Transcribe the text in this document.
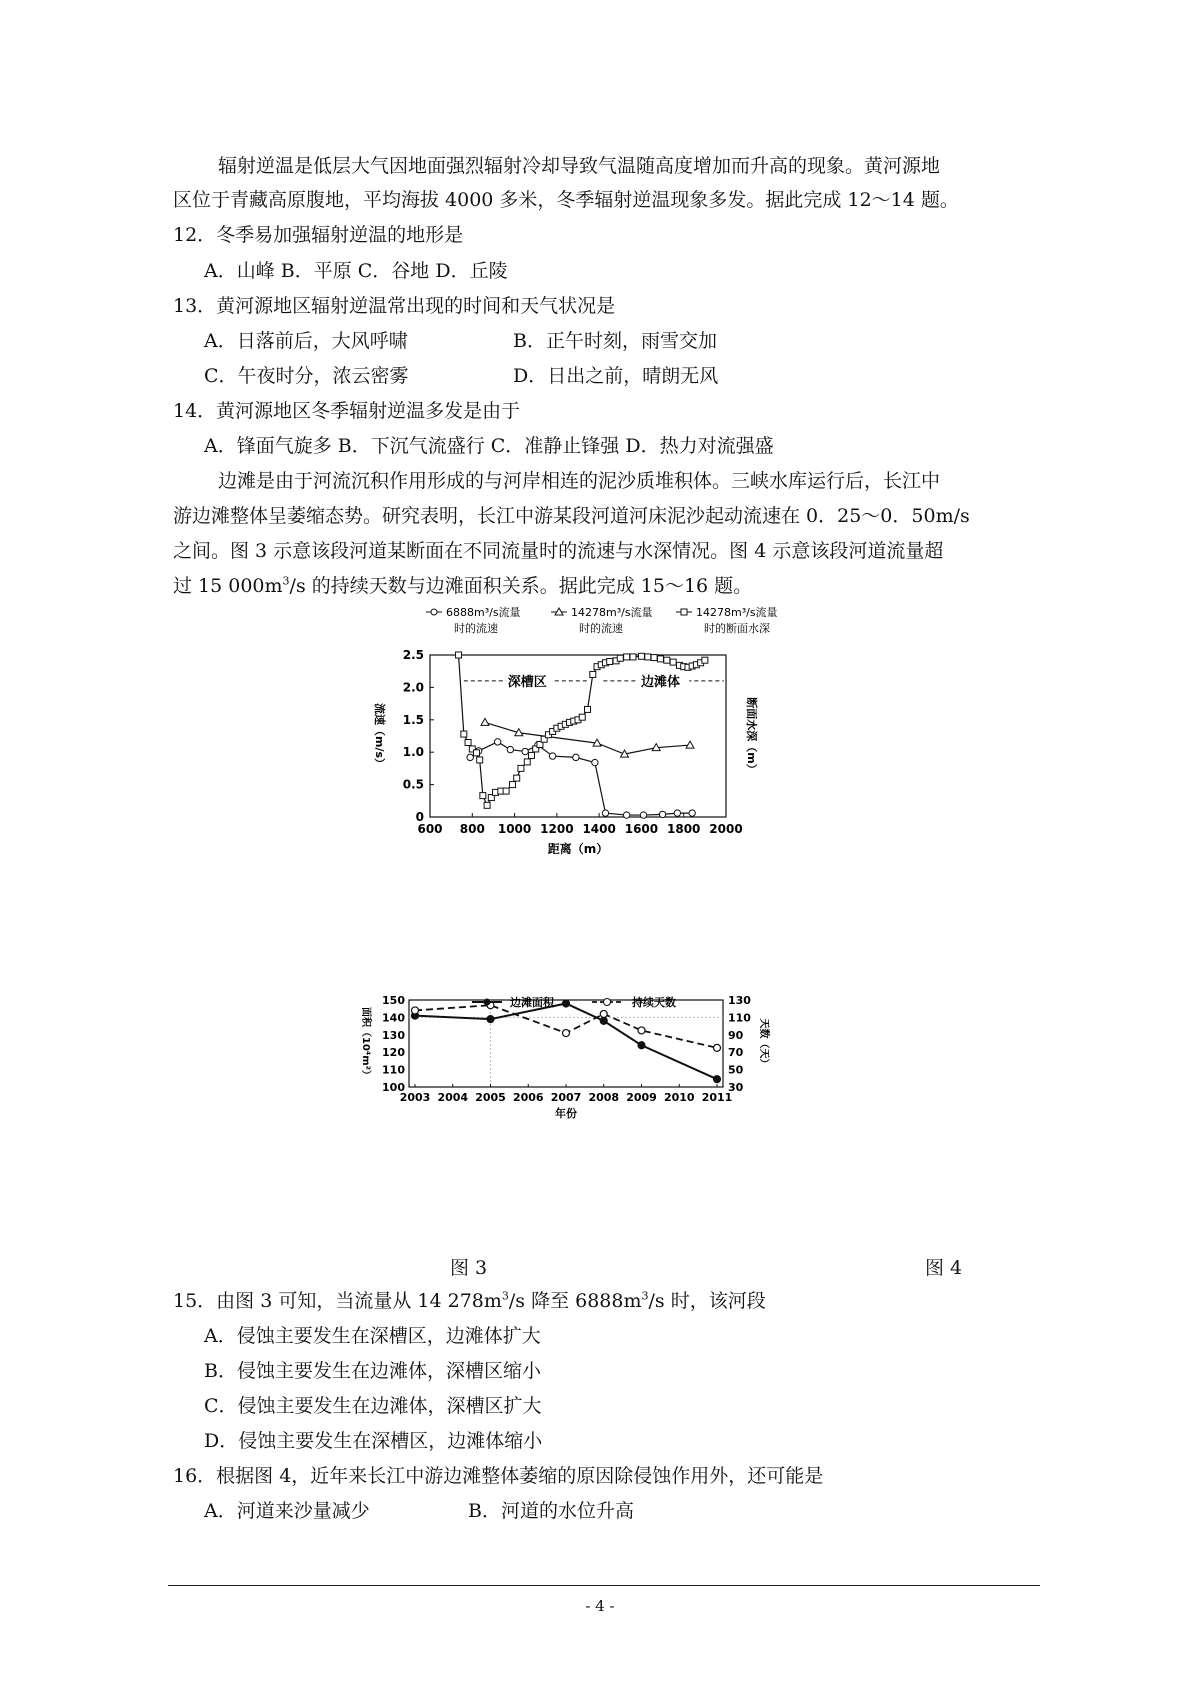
辐射逆温是低层大气因地面强烈辐射冷却导致气温随高度增加而升高的现象。黄河源地
区位于青藏高原腹地，平均海拔 4000 多米，冬季辐射逆温现象多发。据此完成 12～14 题。
12．冬季易加强辐射逆温的地形是
A．山峰 B．平原 C．谷地 D．丘陵
13．黄河源地区辐射逆温常出现的时间和天气状况是
A．日落前后，大风呼啸	B．正午时刻，雨雪交加
C．午夜时分，浓云密雾	D．日出之前，晴朗无风
14．黄河源地区冬季辐射逆温多发是由于
A．锋面气旋多 B．下沉气流盛行 C．准静止锋强 D．热力对流强盛
边滩是由于河流沉积作用形成的与河岸相连的泥沙质堆积体。三峡水库运行后，长江中
游边滩整体呈萎缩态势。研究表明，长江中游某段河道河床泥沙起动流速在 0．25～0．50m/s
之间。图 3 示意该段河道某断面在不同流量时的流速与水深情况。图 4 示意该段河道流量超
过 15 $000m^3/s$ 的持续天数与边滩面积关系。据此完成 15～16 题。
600 800 1000 1200 1400 1600 1800 2000
0
0.5
1.0
1.5
2.0
2.5
距离（m）
流速（m/s）	断面水深（m）
深槽区	边滩体
2003 2004 2005 2006 2007 2008 2009 2010 2011
100
110
120
130
140
150
30
50
70
90
110
130
年份
面积（10⁴m²）	天数（天）
图 3	图 4
15．由图 3 可知，当流量从 14 $278m^3/s$ 降至 $6888m^3/s$ 时，该河段
A．侵蚀主要发生在深槽区，边滩体扩大
B．侵蚀主要发生在边滩体，深槽区缩小
C．侵蚀主要发生在边滩体，深槽区扩大
D．侵蚀主要发生在深槽区，边滩体缩小
16．根据图 4，近年来长江中游边滩整体萎缩的原因除侵蚀作用外，还可能是
A．河道来沙量减少	B．河道的水位升高
- 4 -
6888m³/s流量
时的流速
14278m³/s流量
时的流速
14278m³/s流量
时的断面水深
边滩面积	持续天数
